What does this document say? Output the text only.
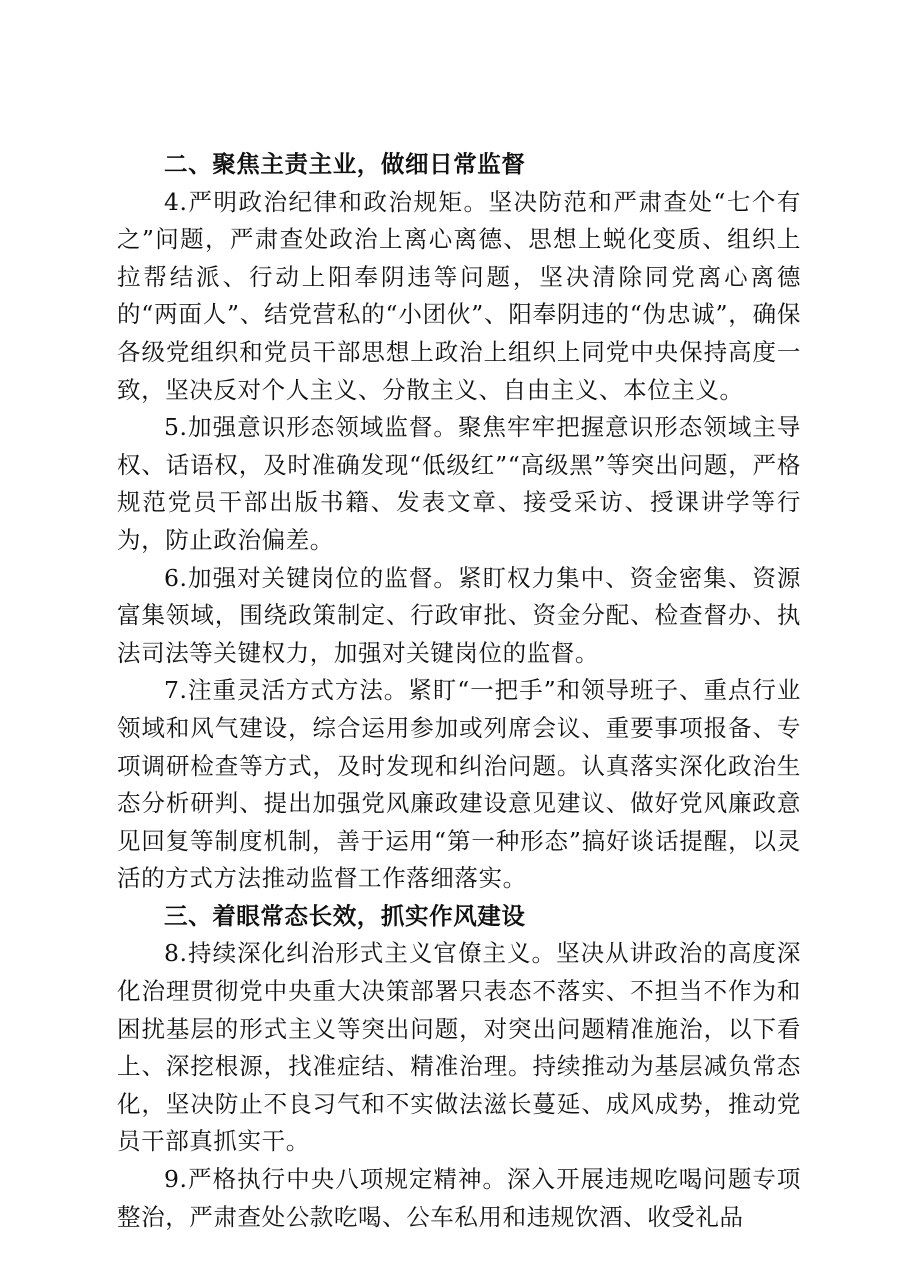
二、聚焦主责主业，做细日常监督

4.严明政治纪律和政治规矩。坚决防范和严肃查处“七个有之”问题，严肃查处政治上离心离德、思想上蜕化变质、组织上拉帮结派、行动上阳奉阴违等问题，坚决清除同党离心离德的“两面人”、结党营私的“小团伙”、阳奉阴违的“伪忠诚”，确保各级党组织和党员干部思想上政治上组织上同党中央保持高度一致，坚决反对个人主义、分散主义、自由主义、本位主义。

5.加强意识形态领域监督。聚焦牢牢把握意识形态领域主导权、话语权，及时准确发现“低级红”“高级黑”等突出问题，严格规范党员干部出版书籍、发表文章、接受采访、授课讲学等行为，防止政治偏差。

6.加强对关键岗位的监督。紧盯权力集中、资金密集、资源富集领域，围绕政策制定、行政审批、资金分配、检查督办、执法司法等关键权力，加强对关键岗位的监督。

7.注重灵活方式方法。紧盯“一把手”和领导班子、重点行业领域和风气建设，综合运用参加或列席会议、重要事项报备、专项调研检查等方式，及时发现和纠治问题。认真落实深化政治生态分析研判、提出加强党风廉政建设意见建议、做好党风廉政意见回复等制度机制，善于运用“第一种形态”搞好谈话提醒，以灵活的方式方法推动监督工作落细落实。

三、着眼常态长效，抓实作风建设

8.持续深化纠治形式主义官僚主义。坚决从讲政治的高度深化治理贯彻党中央重大决策部署只表态不落实、不担当不作为和困扰基层的形式主义等突出问题，对突出问题精准施治，以下看上、深挖根源，找准症结、精准治理。持续推动为基层减负常态化，坚决防止不良习气和不实做法滋长蔓延、成风成势，推动党员干部真抓实干。

9.严格执行中央八项规定精神。深入开展违规吃喝问题专项整治，严肃查处公款吃喝、公车私用和违规饮酒、收受礼品
